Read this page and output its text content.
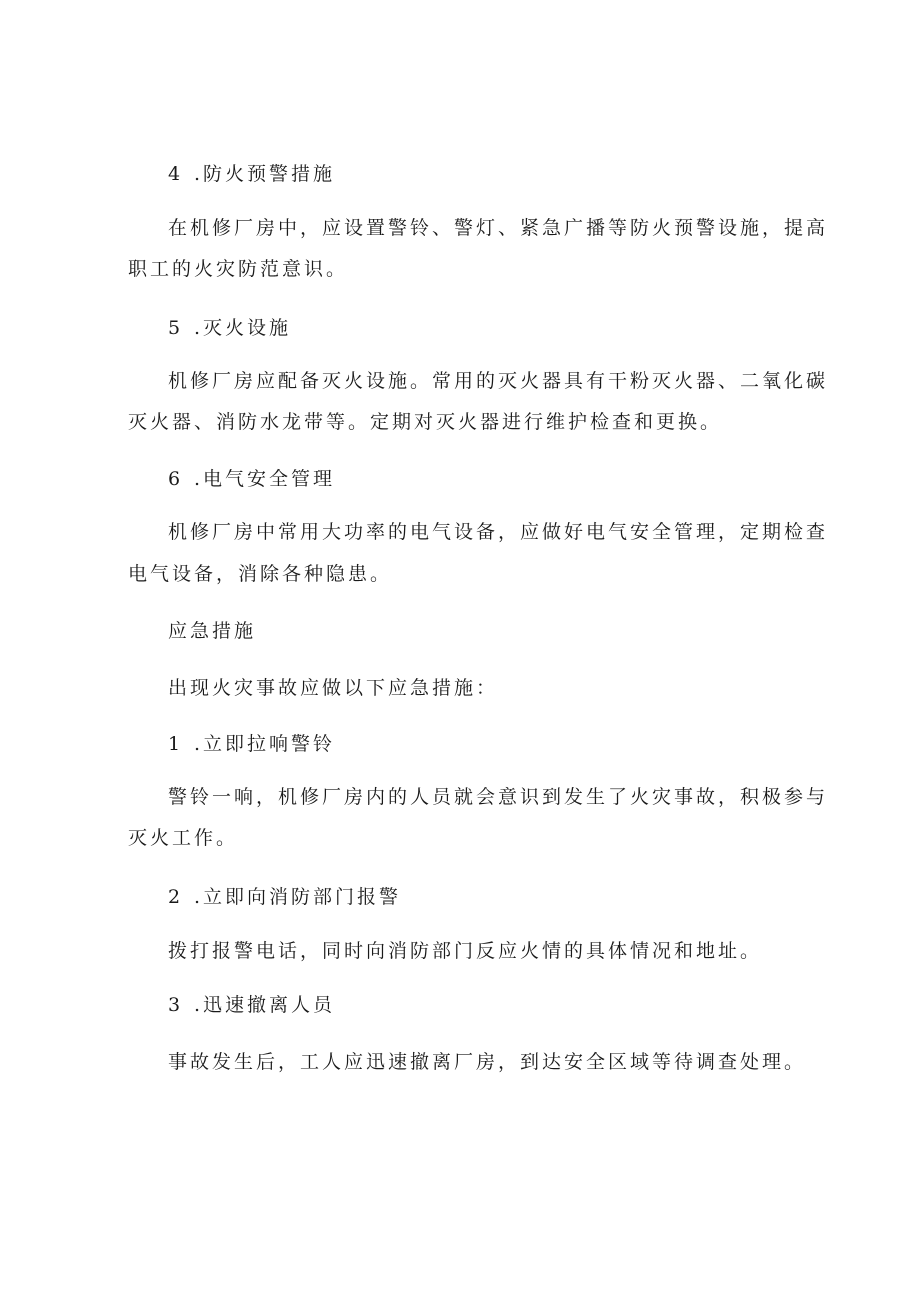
4 .防火预警措施
在机修厂房中，应设置警铃、警灯、紧急广播等防火预警设施，提高
职工的火灾防范意识。
5 .灭火设施
机修厂房应配备灭火设施。常用的灭火器具有干粉灭火器、二氧化碳
灭火器、消防水龙带等。定期对灭火器进行维护检查和更换。
6 .电气安全管理
机修厂房中常用大功率的电气设备，应做好电气安全管理，定期检查
电气设备，消除各种隐患。
应急措施
出现火灾事故应做以下应急措施：
1 .立即拉响警铃
警铃一响，机修厂房内的人员就会意识到发生了火灾事故，积极参与
灭火工作。
2 .立即向消防部门报警
拨打报警电话，同时向消防部门反应火情的具体情况和地址。
3 .迅速撤离人员
事故发生后，工人应迅速撤离厂房，到达安全区域等待调查处理。
